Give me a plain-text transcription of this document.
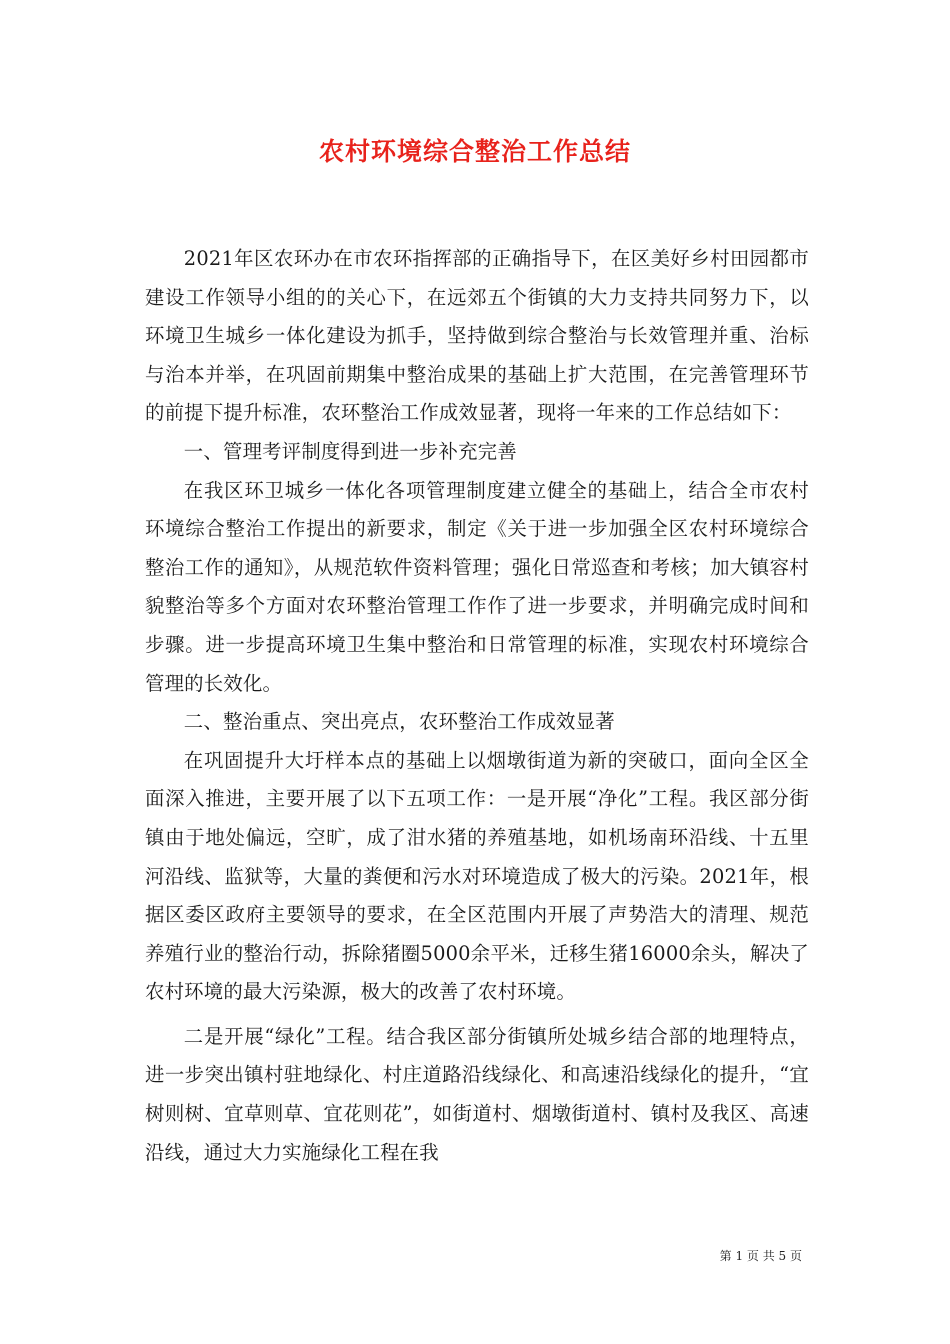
农村环境综合整治工作总结

2021年区农环办在市农环指挥部的正确指导下，在区美好乡村田园都市建设工作领导小组的的关心下，在远郊五个街镇的大力支持共同努力下，以环境卫生城乡一体化建设为抓手，坚持做到综合整治与长效管理并重、治标与治本并举，在巩固前期集中整治成果的基础上扩大范围，在完善管理环节的前提下提升标准，农环整治工作成效显著，现将一年来的工作总结如下：

一、管理考评制度得到进一步补充完善

在我区环卫城乡一体化各项管理制度建立健全的基础上，结合全市农村环境综合整治工作提出的新要求，制定《关于进一步加强全区农村环境综合整治工作的通知》，从规范软件资料管理；强化日常巡查和考核；加大镇容村貌整治等多个方面对农环整治管理工作作了进一步要求，并明确完成时间和步骤。进一步提高环境卫生集中整治和日常管理的标准，实现农村环境综合管理的长效化。

二、整治重点、突出亮点，农环整治工作成效显著

在巩固提升大圩样本点的基础上以烟墩街道为新的突破口，面向全区全面深入推进，主要开展了以下五项工作：一是开展“净化”工程。我区部分街镇由于地处偏远，空旷，成了泔水猪的养殖基地，如机场南环沿线、十五里河沿线、监狱等，大量的粪便和污水对环境造成了极大的污染。2021年，根据区委区政府主要领导的要求，在全区范围内开展了声势浩大的清理、规范养殖行业的整治行动，拆除猪圈5000余平米，迁移生猪16000余头，解决了农村环境的最大污染源，极大的改善了农村环境。

二是开展“绿化”工程。结合我区部分街镇所处城乡结合部的地理特点，进一步突出镇村驻地绿化、村庄道路沿线绿化、和高速沿线绿化的提升，“宜树则树、宜草则草、宜花则花”，如街道村、烟墩街道村、镇村及我区、高速沿线，通过大力实施绿化工程在我

第 1 页 共 5 页
